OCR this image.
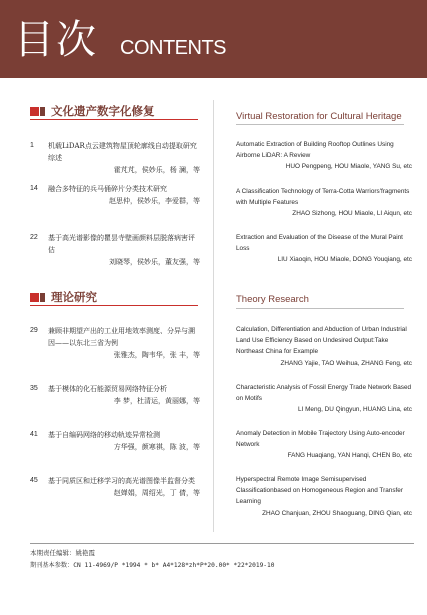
目次 CONTENTS
文化遗产数字化修复	Virtual Restoration for Cultural Heritage
1	机载LiDAR点云建筑物屋顶轮廓线自动提取研究综述
霍芃芃，侯妙乐，杨 澜，等
14	融合多特征的兵马俑碎片分类技术研究
赵思仲，侯妙乐，李爱群，等
22	基于高光谱影像的瞿昙寺壁画颜料层脱落病害评估
刘晓琴，侯妙乐，董友强，等
Automatic Extraction of Building Rooftop Outlines Using Airborne LiDAR: A Review
HUO Pengpeng, HOU Miaole, YANG Su, etc
A Classification Technology of Terra-Cotta Warriors'fragments with Multiple Features
ZHAO Sizhong, HOU Miaole, LI Aiqun, etc
Extraction and Evaluation of the Disease of the Mural Paint Loss
LIU Xiaoqin, HOU Miaole, DONG Youqiang, etc
理论研究	Theory Research
29	兼顾非期望产出的工业用地效率测度、分异与溯因——以东北三省为例
张雅杰，陶韦华，张 丰，等
35	基于模体的化石能源贸易网络特征分析
李 梦，杜清运，黄丽娜，等
41	基于自编码网络的移动轨迹异常检测
方华强，颜寒祺，陈 波，等
45	基于同质区和迁移学习的高光谱图像半监督分类
赵婵娟，周绍光，丁 倩，等
Calculation, Differentiation and Abduction of Urban Industrial Land Use Efficiency Based on Undesired Output:Take Northeast China for Example
ZHANG Yajie, TAO Weihua, ZHANG Feng, etc
Characteristic Analysis of Fossil Energy Trade Network Based on Motifs
LI Meng, DU Qingyun, HUANG Lina, etc
Anomaly Detection in Mobile Trajectory Using Auto-encoder Network
FANG Huaqiang, YAN Hanqi, CHEN Bo, etc
Hyperspectral Remote Image Semisupervised Classificationbased on Homogeneous Region and Transfer Learning
ZHAO Chanjuan, ZHOU Shaoguang, DING Qian, etc
本期责任编辑：姚艳霞
期刊基本参数：CN 11-4969/P *1994 * b* A4*128*zh*P*20.00* *22*2019-10
